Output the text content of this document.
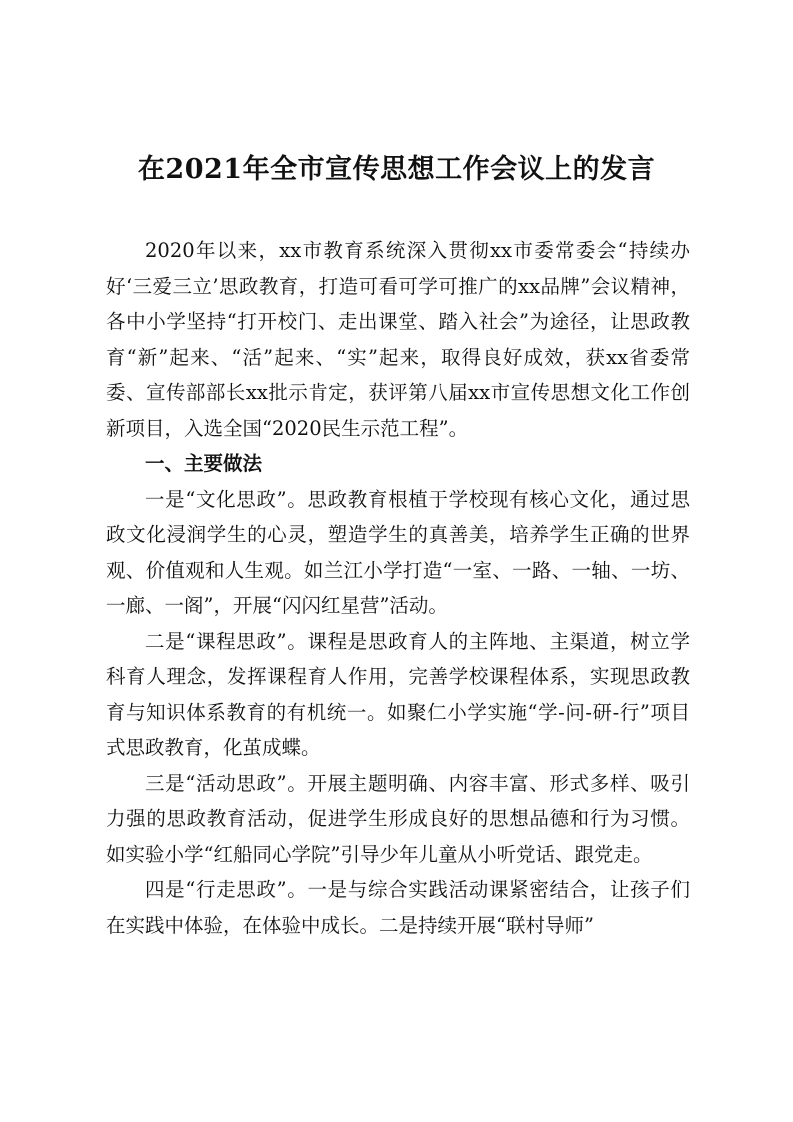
在2021年全市宣传思想工作会议上的发言

2020年以来，xx市教育系统深入贯彻xx市委常委会“持续办好‘三爱三立’思政教育，打造可看可学可推广的xx品牌”会议精神，各中小学坚持“打开校门、走出课堂、踏入社会”为途径，让思政教育“新”起来、“活”起来、“实”起来，取得良好成效，获xx省委常委、宣传部部长xx批示肯定，获评第八届xx市宣传思想文化工作创新项目，入选全国“2020民生示范工程”。

一、主要做法

一是“文化思政”。思政教育根植于学校现有核心文化，通过思政文化浸润学生的心灵，塑造学生的真善美，培养学生正确的世界观、价值观和人生观。如兰江小学打造“一室、一路、一轴、一坊、一廊、一阁”，开展“闪闪红星营”活动。

二是“课程思政”。课程是思政育人的主阵地、主渠道，树立学科育人理念，发挥课程育人作用，完善学校课程体系，实现思政教育与知识体系教育的有机统一。如聚仁小学实施“学-问-研-行”项目式思政教育，化茧成蝶。

三是“活动思政”。开展主题明确、内容丰富、形式多样、吸引力强的思政教育活动，促进学生形成良好的思想品德和行为习惯。如实验小学“红船同心学院”引导少年儿童从小听党话、跟党走。

四是“行走思政”。一是与综合实践活动课紧密结合，让孩子们在实践中体验，在体验中成长。二是持续开展“联村导师”
